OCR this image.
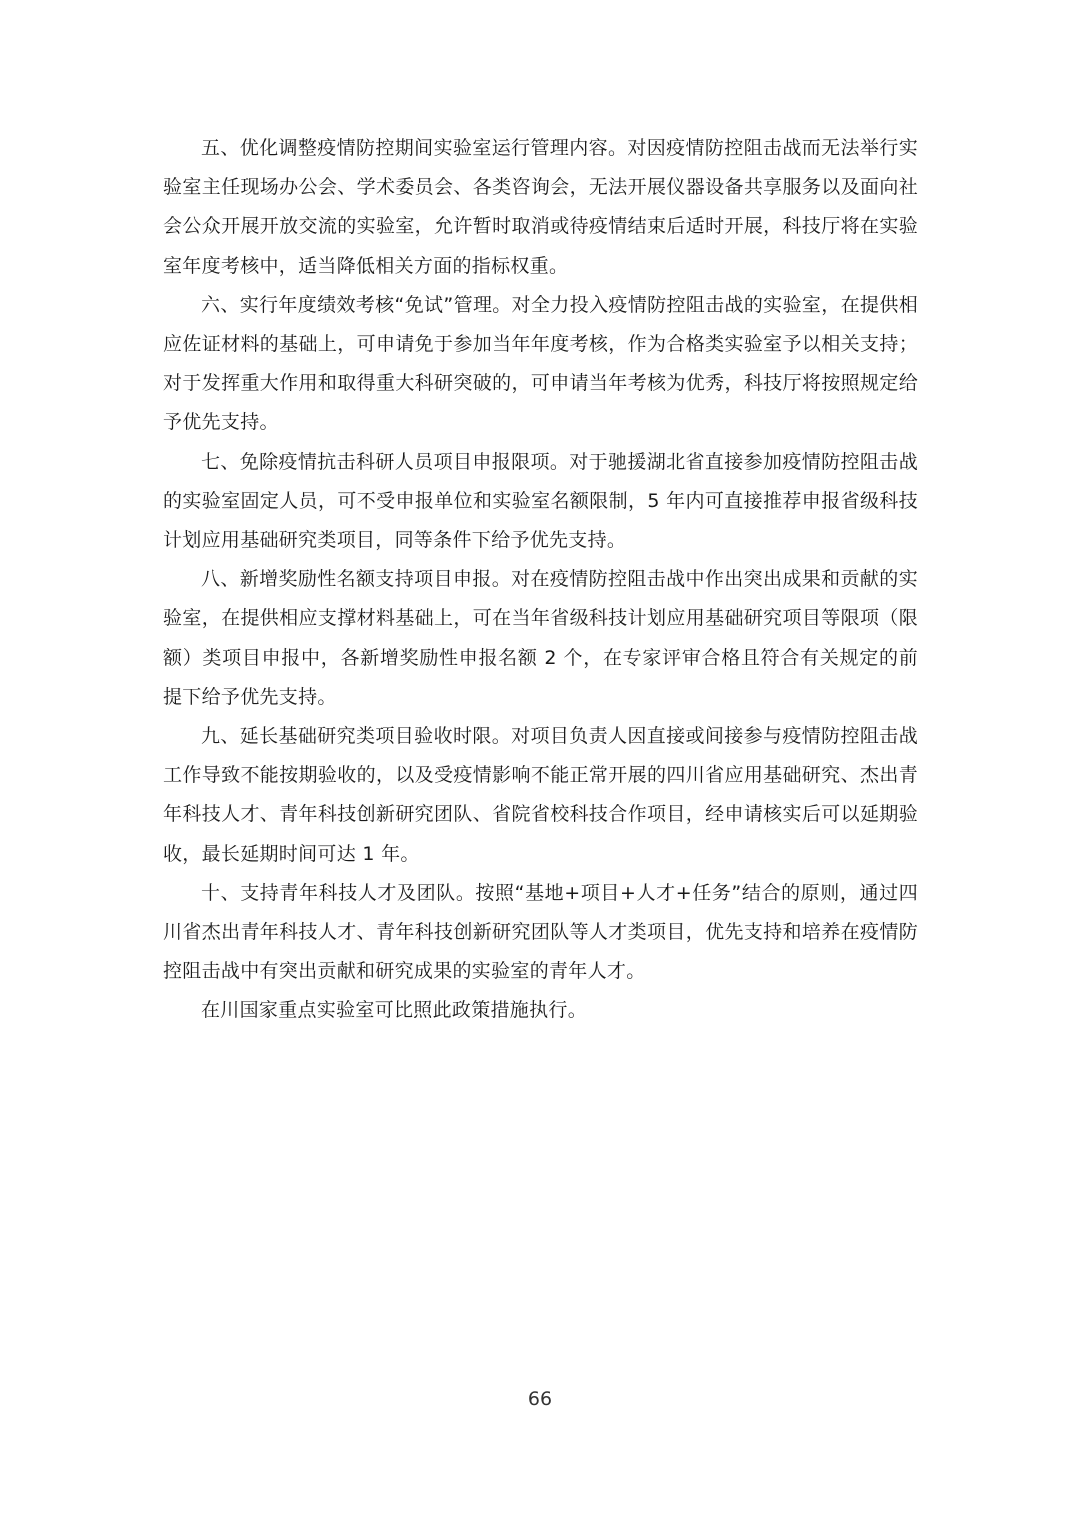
五、优化调整疫情防控期间实验室运行管理内容。对因疫情防控阻击战而无法举行实验室主任现场办公会、学术委员会、各类咨询会，无法开展仪器设备共享服务以及面向社会公众开展开放交流的实验室，允许暂时取消或待疫情结束后适时开展，科技厅将在实验室年度考核中，适当降低相关方面的指标权重。

六、实行年度绩效考核“免试”管理。对全力投入疫情防控阻击战的实验室，在提供相应佐证材料的基础上，可申请免于参加当年年度考核，作为合格类实验室予以相关支持；对于发挥重大作用和取得重大科研突破的，可申请当年考核为优秀，科技厅将按照规定给予优先支持。

七、免除疫情抗击科研人员项目申报限项。对于驰援湖北省直接参加疫情防控阻击战的实验室固定人员，可不受申报单位和实验室名额限制，5 年内可直接推荐申报省级科技计划应用基础研究类项目，同等条件下给予优先支持。

八、新增奖励性名额支持项目申报。对在疫情防控阻击战中作出突出成果和贡献的实验室，在提供相应支撑材料基础上，可在当年省级科技计划应用基础研究项目等限项（限额）类项目申报中，各新增奖励性申报名额 2 个，在专家评审合格且符合有关规定的前提下给予优先支持。

九、延长基础研究类项目验收时限。对项目负责人因直接或间接参与疫情防控阻击战工作导致不能按期验收的，以及受疫情影响不能正常开展的四川省应用基础研究、杰出青年科技人才、青年科技创新研究团队、省院省校科技合作项目，经申请核实后可以延期验收，最长延期时间可达 1 年。

十、支持青年科技人才及团队。按照“基地+项目+人才+任务”结合的原则，通过四川省杰出青年科技人才、青年科技创新研究团队等人才类项目，优先支持和培养在疫情防控阻击战中有突出贡献和研究成果的实验室的青年人才。

在川国家重点实验室可比照此政策措施执行。

66
